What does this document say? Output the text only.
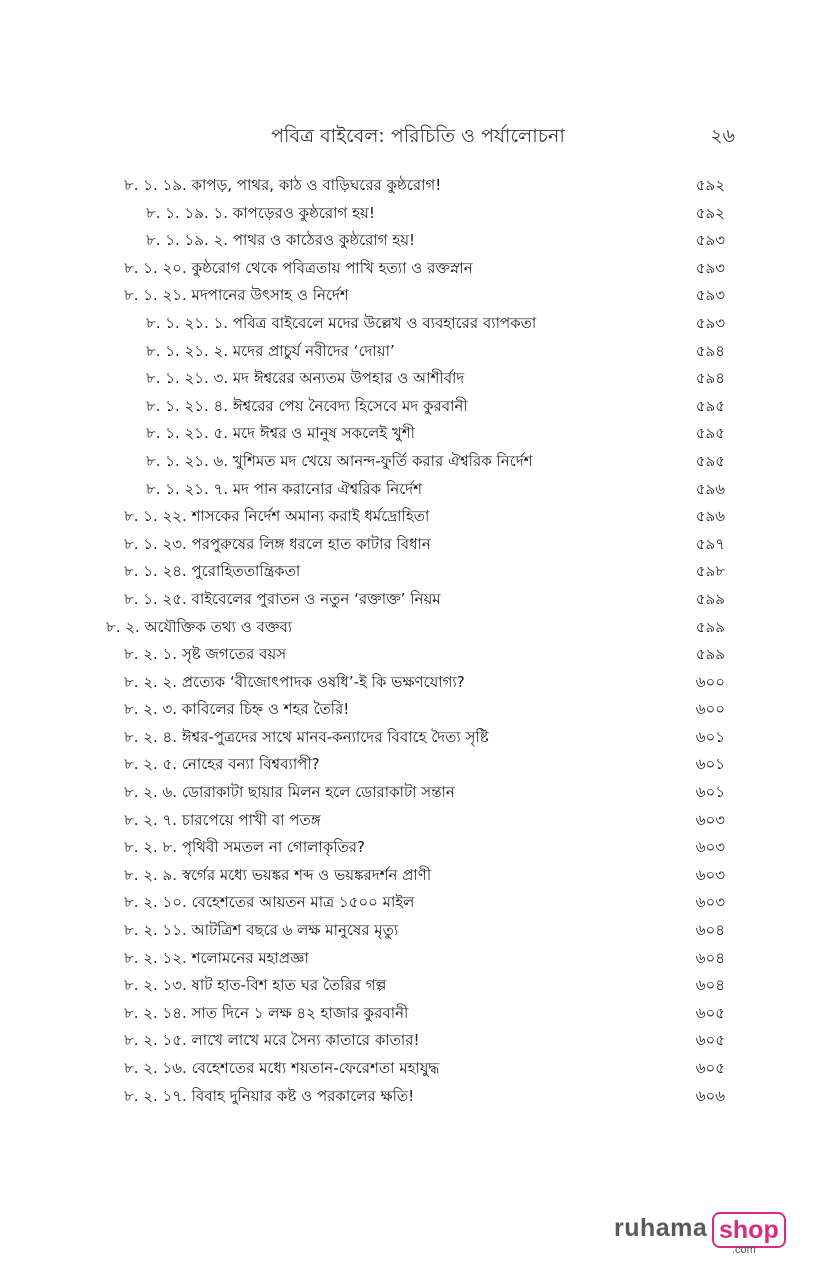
পবিত্র বাইবেল: পরিচিতি ও পর্যালোচনা	২৬
৮. ১. ১৯. কাপড়, পাথর, কাঠ ও বাড়িঘরের কুষ্ঠরোগ!	৫৯২
৮. ১. ১৯. ১. কাপড়েরও কুষ্ঠরোগ হয়!	৫৯২
৮. ১. ১৯. ২. পাথর ও কাঠেরও কুষ্ঠরোগ হয়!	৫৯৩
৮. ১. ২০. কুষ্ঠরোগ থেকে পবিত্রতায় পাখি হত্যা ও রক্তস্নান	৫৯৩
৮. ১. ২১. মদপানের উৎসাহ ও নির্দেশ	৫৯৩
৮. ১. ২১. ১. পবিত্র বাইবেলে মদের উল্লেখ ও ব্যবহারের ব্যাপকতা	৫৯৩
৮. ১. ২১. ২. মদের প্রাচুর্য নবীদের ‘দোয়া’	৫৯৪
৮. ১. ২১. ৩. মদ ঈশ্বরের অন্যতম উপহার ও আশীর্বাদ	৫৯৪
৮. ১. ২১. ৪. ঈশ্বরের পেয় নৈবেদ্য হিসেবে মদ কুরবানী	৫৯৫
৮. ১. ২১. ৫. মদে ঈশ্বর ও মানুষ সকলেই খুশী	৫৯৫
৮. ১. ২১. ৬. খুশিমত মদ খেয়ে আনন্দ-ফুর্তি করার ঐশ্বরিক নির্দেশ	৫৯৫
৮. ১. ২১. ৭. মদ পান করানোর ঐশ্বরিক নির্দেশ	৫৯৬
৮. ১. ২২. শাসকের নির্দেশ অমান্য করাই ধর্মদ্রোহিতা	৫৯৬
৮. ১. ২৩. পরপুরুষের লিঙ্গ ধরলে হাত কাটার বিধান	৫৯৭
৮. ১. ২৪. পুরোহিততান্ত্রিকতা	৫৯৮
৮. ১. ২৫. বাইবেলের পুরাতন ও নতুন ‘রক্তাক্ত’ নিয়ম	৫৯৯
৮. ২. অযৌক্তিক তথ্য ও বক্তব্য	৫৯৯
৮. ২. ১. সৃষ্ট জগতের বয়স	৫৯৯
৮. ২. ২. প্রত্যেক ‘বীজোৎপাদক ওষধি’-ই কি ভক্ষণযোগ্য?	৬০০
৮. ২. ৩. কাবিলের চিহ্ন ও শহর তৈরি!	৬০০
৮. ২. ৪. ঈশ্বর-পুত্রদের সাথে মানব-কন্যাদের বিবাহে দৈত্য সৃষ্টি	৬০১
৮. ২. ৫. নোহের বন্যা বিশ্বব্যাপী?	৬০১
৮. ২. ৬. ডোরাকাটা ছায়ার মিলন হলে ডোরাকাটা সন্তান	৬০১
৮. ২. ৭. চারপেয়ে পাখী বা পতঙ্গ	৬০৩
৮. ২. ৮. পৃথিবী সমতল না গোলাকৃতির?	৬০৩
৮. ২. ৯. স্বর্গের মধ্যে ভয়ঙ্কর শব্দ ও ভয়ঙ্করদর্শন প্রাণী	৬০৩
৮. ২. ১০. বেহেশতের আয়তন মাত্র ১৫০০ মাইল	৬০৩
৮. ২. ১১. আটত্রিশ বছরে ৬ লক্ষ মানুষের মৃত্যু	৬০৪
৮. ২. ১২. শলোমনের মহাপ্রজ্ঞা	৬০৪
৮. ২. ১৩. ষাট হাত-বিশ হাত ঘর তৈরির গল্প	৬০৪
৮. ২. ১৪. সাত দিনে ১ লক্ষ ৪২ হাজার কুরবানী	৬০৫
৮. ২. ১৫. লাখে লাখে মরে সৈন্য কাতারে কাতার!	৬০৫
৮. ২. ১৬. বেহেশতের মধ্যে শয়তান-ফেরেশতা মহাযুদ্ধ	৬০৫
৮. ২. ১৭. বিবাহ দুনিয়ার কষ্ট ও পরকালের ক্ষতি!	৬০৬
ruhama shop
.com
